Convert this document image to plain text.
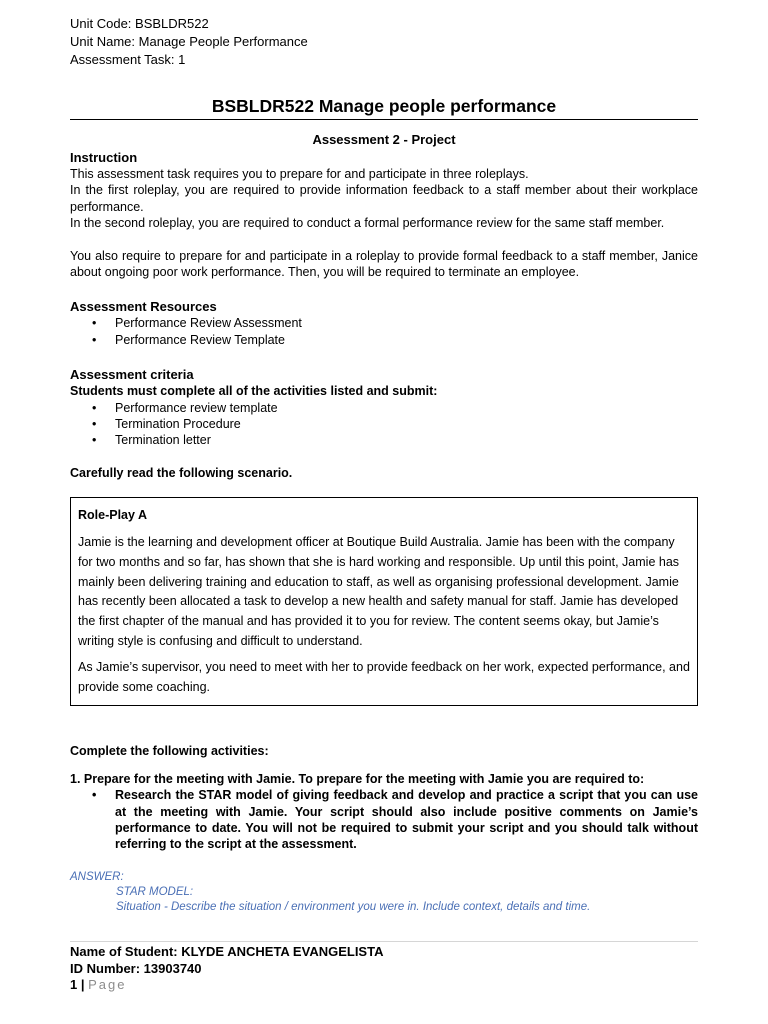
Unit Code: BSBLDR522
Unit Name: Manage People Performance
Assessment Task: 1
BSBLDR522 Manage people performance
Assessment 2 - Project
Instruction
This assessment task requires you to prepare for and participate in three roleplays.
In the first roleplay, you are required to provide information feedback to a staff member about their workplace performance.
In the second roleplay, you are required to conduct a formal performance review for the same staff member.
You also require to prepare for and participate in a roleplay to provide formal feedback to a staff member, Janice about ongoing poor work performance. Then, you will be required to terminate an employee.
Assessment Resources
• Performance Review Assessment
• Performance Review Template
Assessment criteria
Students must complete all of the activities listed and submit:
• Performance review template
• Termination Procedure
• Termination letter
Carefully read the following scenario.

Role-Play A

Jamie is the learning and development officer at Boutique Build Australia. Jamie has been with the company for two months and so far, has shown that she is hard working and responsible. Up until this point, Jamie has mainly been delivering training and education to staff, as well as organising professional development. Jamie has recently been allocated a task to develop a new health and safety manual for staff. Jamie has developed the first chapter of the manual and has provided it to you for review. The content seems okay, but Jamie’s writing style is confusing and difficult to understand.

As Jamie’s supervisor, you need to meet with her to provide feedback on her work, expected performance, and provide some coaching.

Complete the following activities:
1. Prepare for the meeting with Jamie. To prepare for the meeting with Jamie you are required to:
• Research the STAR model of giving feedback and develop and practice a script that you can use at the meeting with Jamie. Your script should also include positive comments on Jamie’s performance to date. You will not be required to submit your script and you should talk without referring to the script at the assessment.
ANSWER:
STAR MODEL:
Situation - Describe the situation / environment you were in. Include context, details and time.
Name of Student: KLYDE ANCHETA EVANGELISTA
ID Number: 13903740
1 | Page
